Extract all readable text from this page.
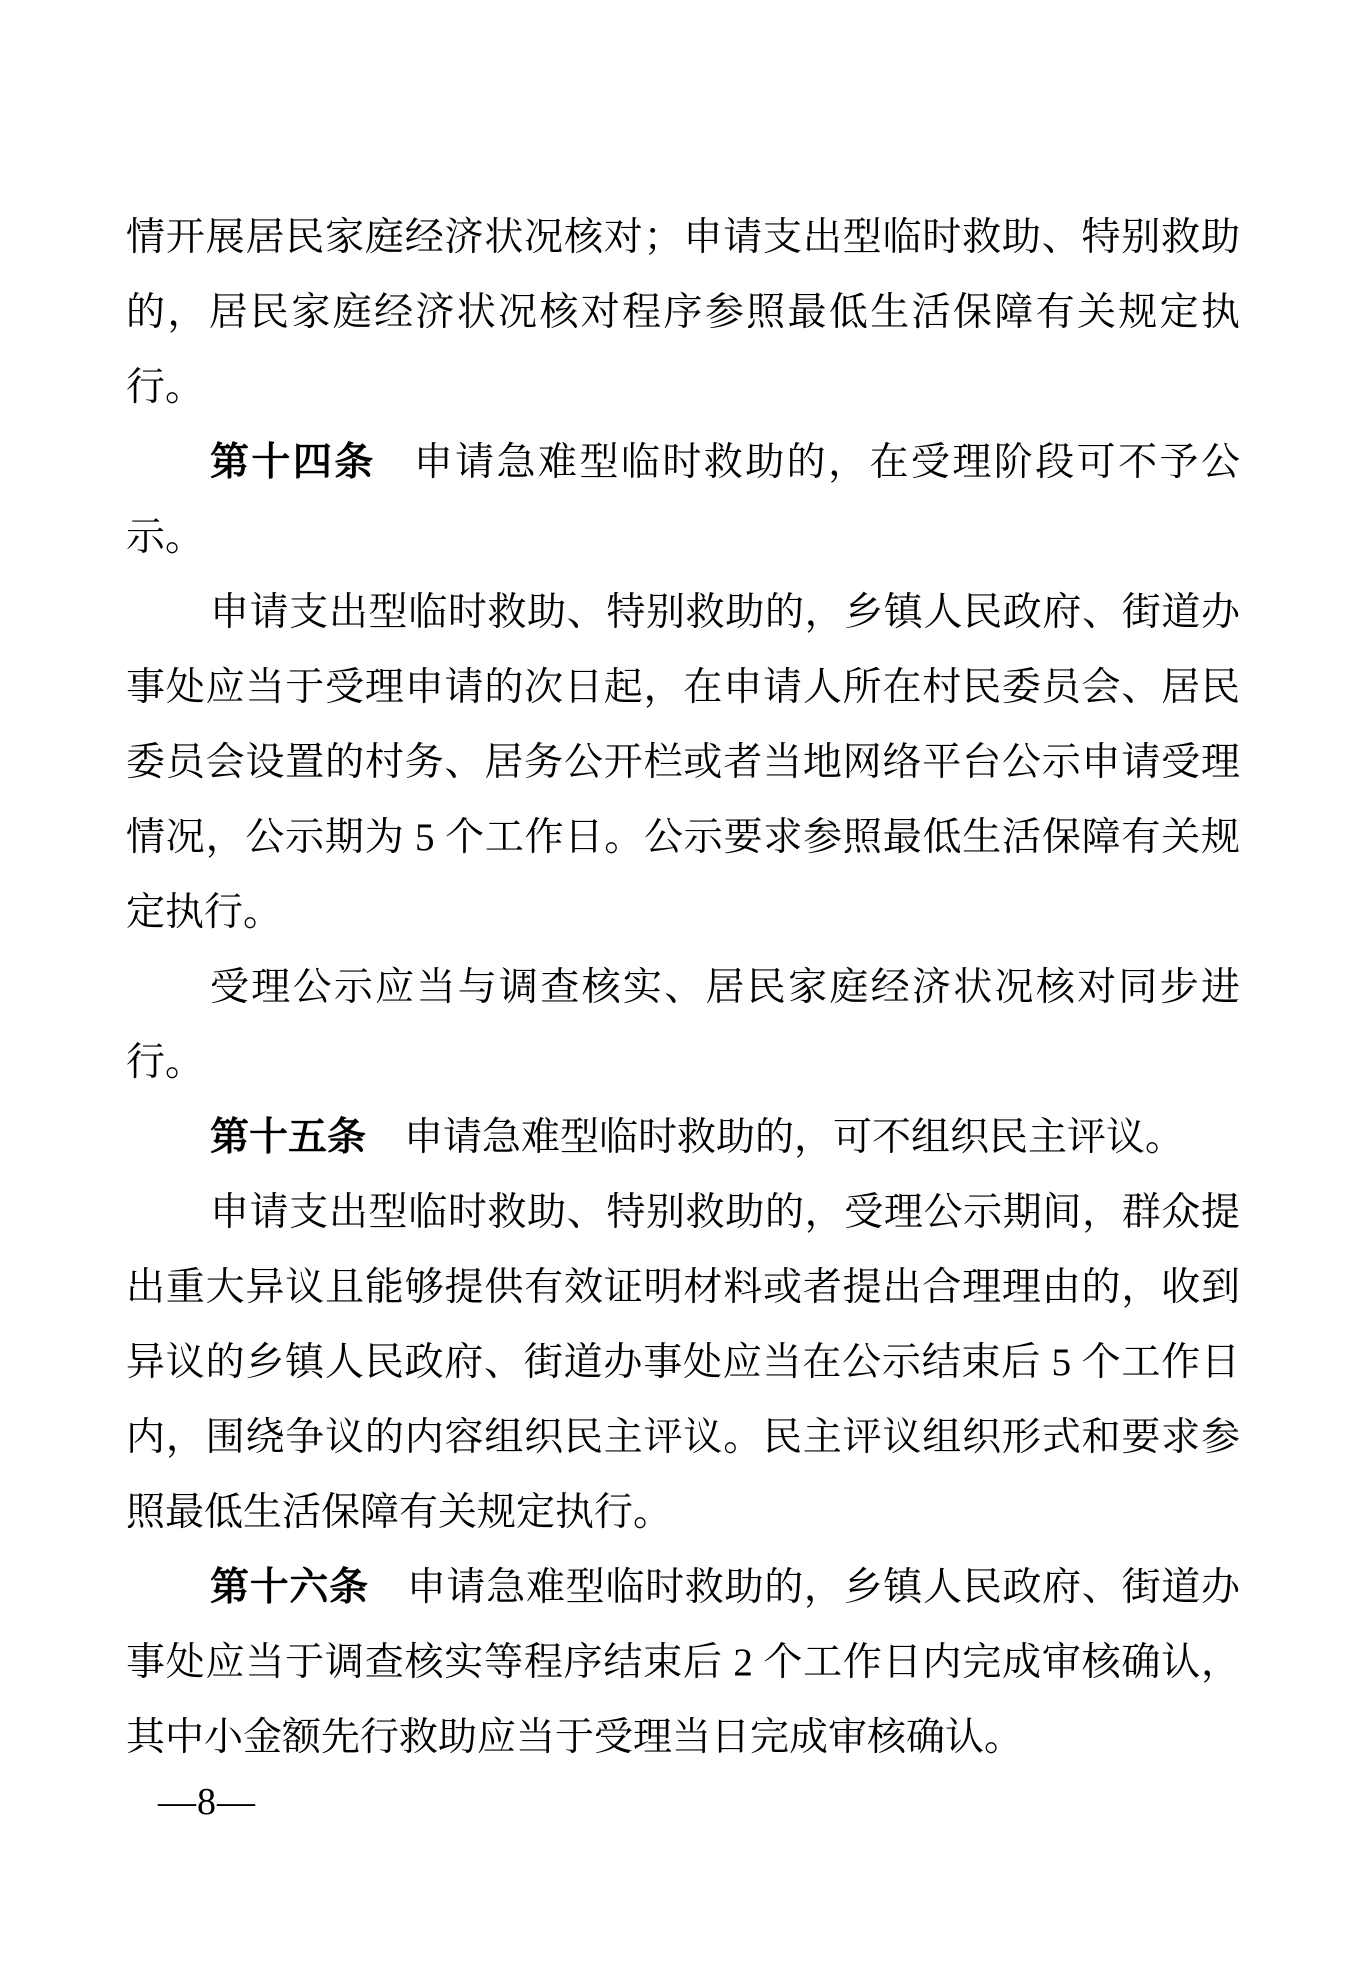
情开展居民家庭经济状况核对；申请支出型临时救助、特别救助的，居民家庭经济状况核对程序参照最低生活保障有关规定执行。

第十四条 申请急难型临时救助的，在受理阶段可不予公示。

申请支出型临时救助、特别救助的，乡镇人民政府、街道办事处应当于受理申请的次日起，在申请人所在村民委员会、居民委员会设置的村务、居务公开栏或者当地网络平台公示申请受理情况，公示期为 5 个工作日。公示要求参照最低生活保障有关规定执行。

受理公示应当与调查核实、居民家庭经济状况核对同步进行。

第十五条 申请急难型临时救助的，可不组织民主评议。

申请支出型临时救助、特别救助的，受理公示期间，群众提出重大异议且能够提供有效证明材料或者提出合理理由的，收到异议的乡镇人民政府、街道办事处应当在公示结束后 5 个工作日内，围绕争议的内容组织民主评议。民主评议组织形式和要求参照最低生活保障有关规定执行。

第十六条 申请急难型临时救助的，乡镇人民政府、街道办事处应当于调查核实等程序结束后 2 个工作日内完成审核确认，其中小金额先行救助应当于受理当日完成审核确认。

—8—
